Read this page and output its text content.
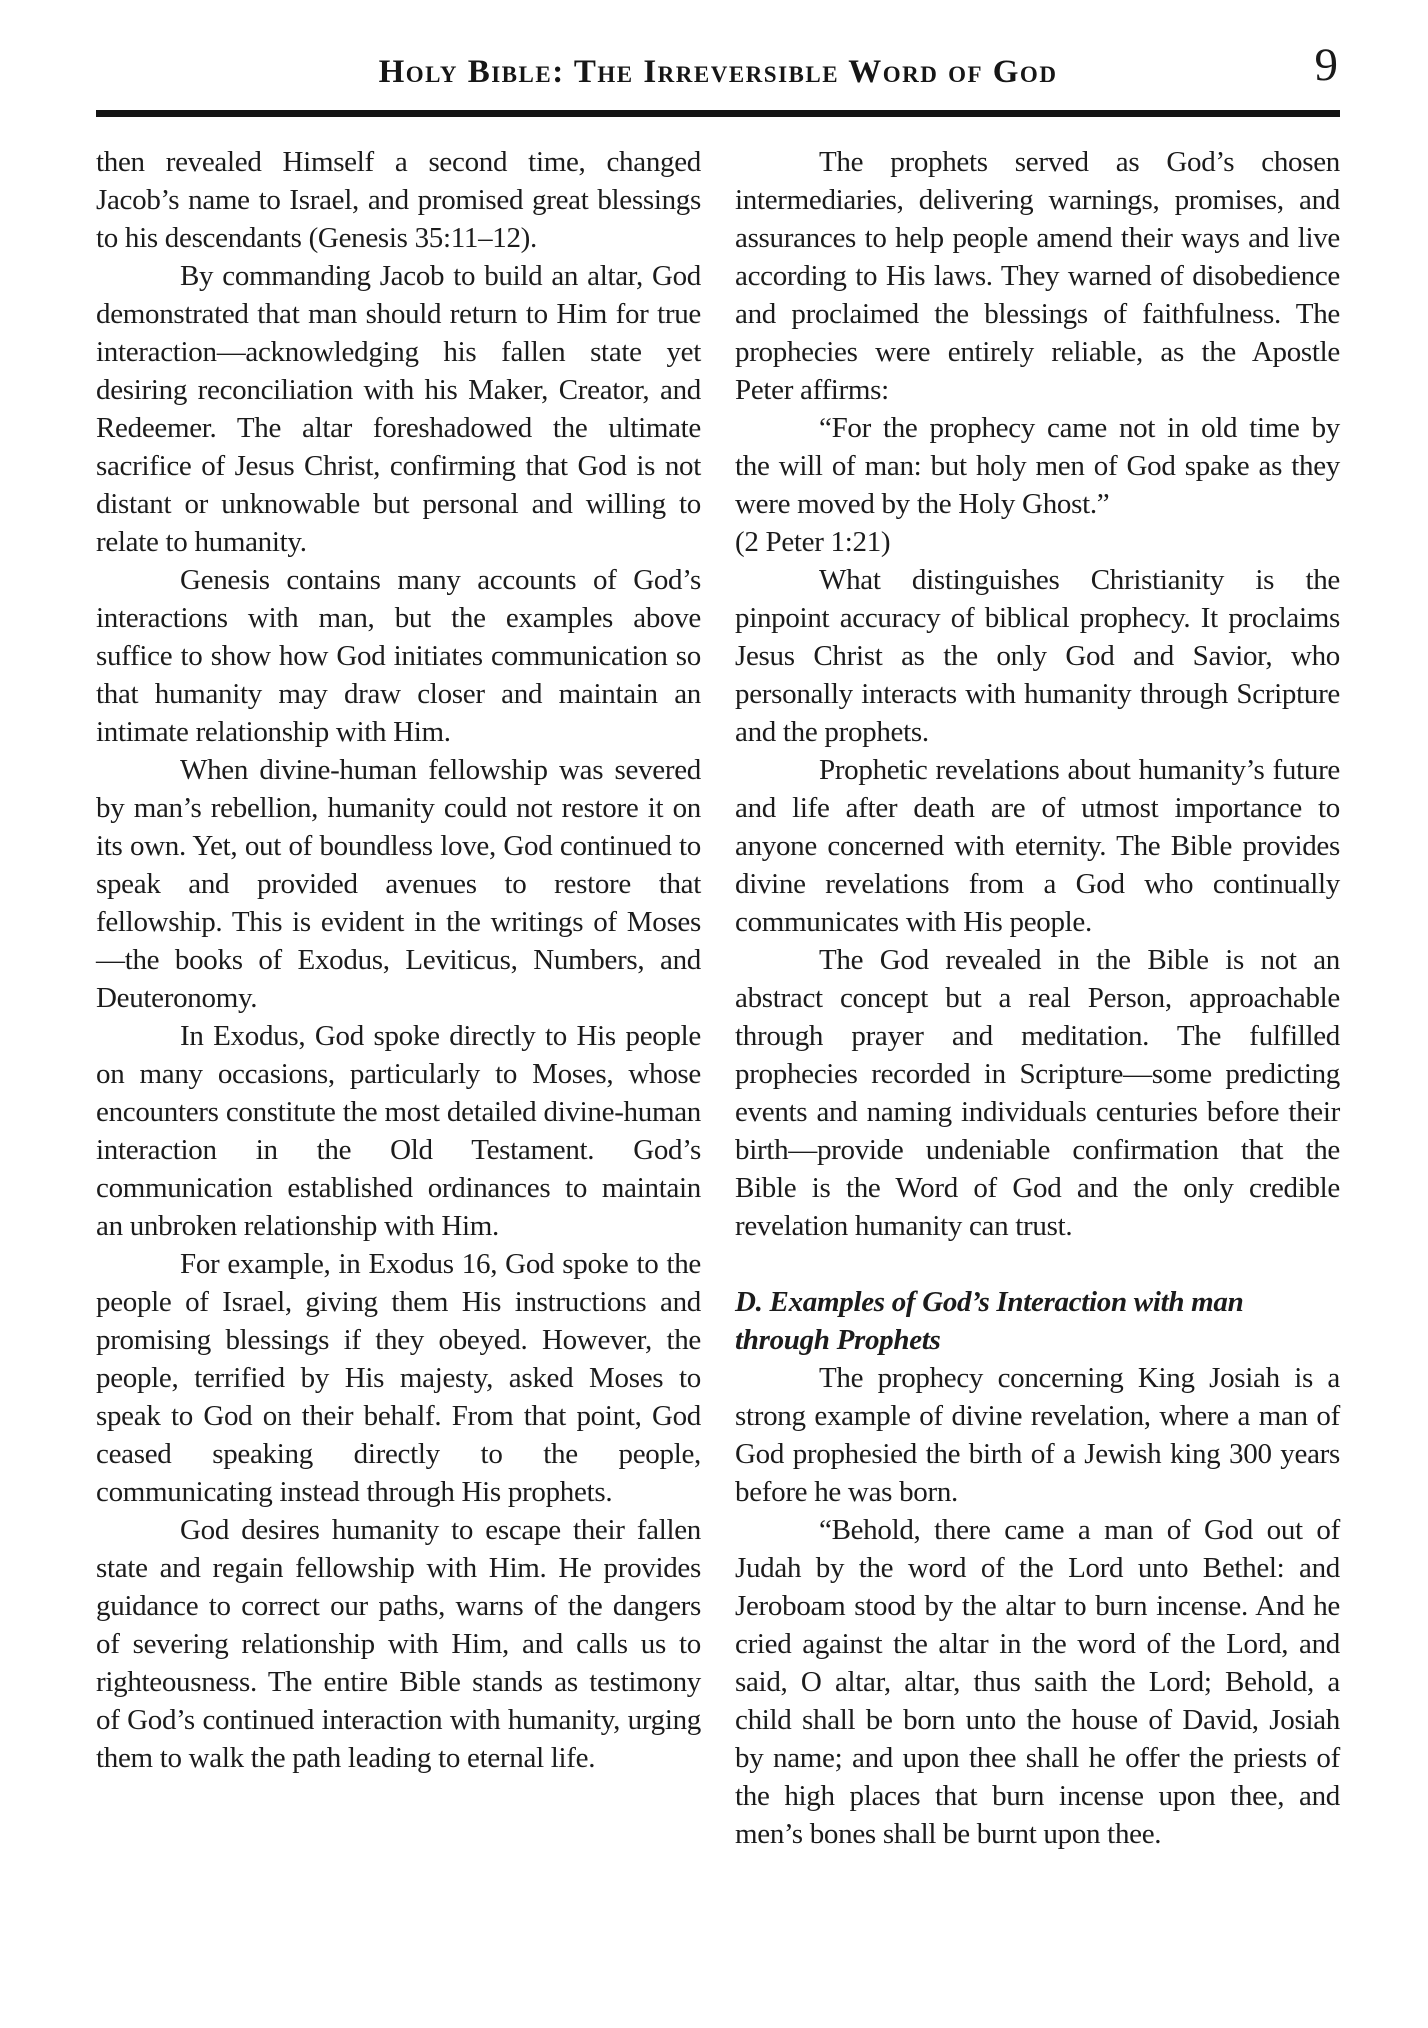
Holy Bible: The Irreversible Word of God	9

then revealed Himself a second time, changed Jacob’s name to Israel, and promised great blessings to his descendants (Genesis 35:11–12).

By commanding Jacob to build an altar, God demonstrated that man should return to Him for true interaction—acknowledging his fallen state yet desiring reconciliation with his Maker, Creator, and Redeemer. The altar foreshadowed the ultimate sacrifice of Jesus Christ, confirming that God is not distant or unknowable but personal and willing to relate to humanity.

Genesis contains many accounts of God’s interactions with man, but the examples above suffice to show how God initiates communication so that humanity may draw closer and maintain an intimate relationship with Him.

When divine-human fellowship was severed by man’s rebellion, humanity could not restore it on its own. Yet, out of boundless love, God continued to speak and provided avenues to restore that fellowship. This is evident in the writings of Moses—the books of Exodus, Leviticus, Numbers, and Deuteronomy.

In Exodus, God spoke directly to His people on many occasions, particularly to Moses, whose encounters constitute the most detailed divine-human interaction in the Old Testament. God’s communication established ordinances to maintain an unbroken relationship with Him.

For example, in Exodus 16, God spoke to the people of Israel, giving them His instructions and promising blessings if they obeyed. However, the people, terrified by His majesty, asked Moses to speak to God on their behalf. From that point, God ceased speaking directly to the people, communicating instead through His prophets.

God desires humanity to escape their fallen state and regain fellowship with Him. He provides guidance to correct our paths, warns of the dangers of severing relationship with Him, and calls us to righteousness. The entire Bible stands as testimony of God’s continued interaction with humanity, urging them to walk the path leading to eternal life.

The prophets served as God’s chosen intermediaries, delivering warnings, promises, and assurances to help people amend their ways and live according to His laws. They warned of disobedience and proclaimed the blessings of faithfulness. The prophecies were entirely reliable, as the Apostle Peter affirms:

“For the prophecy came not in old time by the will of man: but holy men of God spake as they were moved by the Holy Ghost.”

(2 Peter 1:21)

What distinguishes Christianity is the pinpoint accuracy of biblical prophecy. It proclaims Jesus Christ as the only God and Savior, who personally interacts with humanity through Scripture and the prophets.

Prophetic revelations about humanity’s future and life after death are of utmost importance to anyone concerned with eternity. The Bible provides divine revelations from a God who continually communicates with His people.

The God revealed in the Bible is not an abstract concept but a real Person, approachable through prayer and meditation. The fulfilled prophecies recorded in Scripture—some predicting events and naming individuals centuries before their birth—provide undeniable confirmation that the Bible is the Word of God and the only credible revelation humanity can trust.

D. Examples of God’s Interaction with man through Prophets

The prophecy concerning King Josiah is a strong example of divine revelation, where a man of God prophesied the birth of a Jewish king 300 years before he was born.

“Behold, there came a man of God out of Judah by the word of the Lord unto Bethel: and Jeroboam stood by the altar to burn incense. And he cried against the altar in the word of the Lord, and said, O altar, altar, thus saith the Lord; Behold, a child shall be born unto the house of David, Josiah by name; and upon thee shall he offer the priests of the high places that burn incense upon thee, and men’s bones shall be burnt upon thee.
